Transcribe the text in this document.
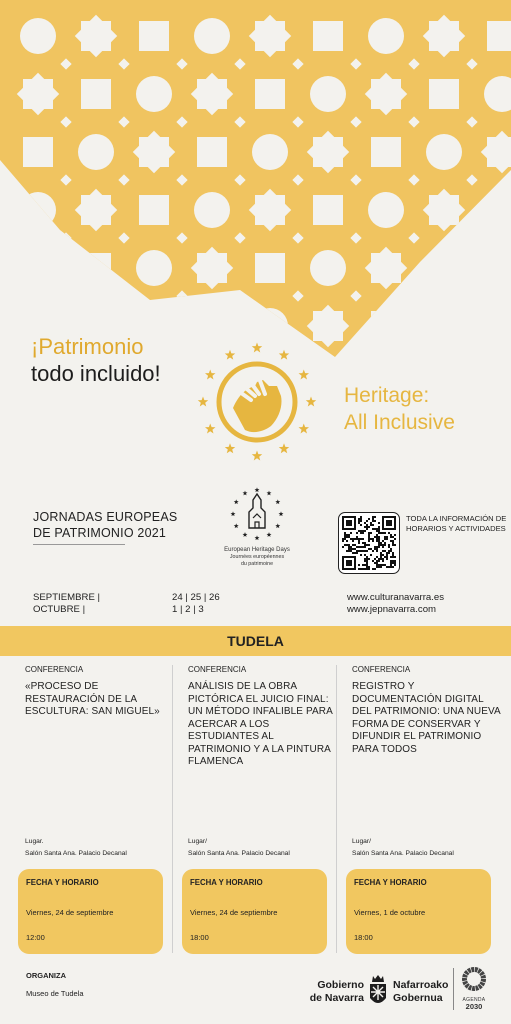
¡Patrimonio
todo incluido!
Heritage:
All Inclusive
JORNADAS EUROPEAS
DE PATRIMONIO 2021
European Heritage Days
Journées européennes
du patrimoine
TODA LA INFORMACIÓN DE HORARIOS Y ACTIVIDADES
SEPTIEMBRE |
OCTUBRE |
24 | 25 | 26
1 | 2 | 3
www.culturanavarra.es
www.jepnavarra.com
TUDELA
CONFERENCIA
«PROCESO DE RESTAURACIÓN DE LA ESCULTURA: SAN MIGUEL»
CONFERENCIA
ANÁLISIS DE LA OBRA PICTÓRICA EL JUICIO FINAL: UN MÉTODO INFALIBLE PARA ACERCAR A LOS ESTUDIANTES AL PATRIMONIO Y A LA PINTURA FLAMENCA
CONFERENCIA
REGISTRO Y DOCUMENTACIÓN DIGITAL DEL PATRIMONIO: UNA NUEVA FORMA DE CONSERVAR Y DIFUNDIR EL PATRIMONIO PARA TODOS
Lugar.
Salón Santa Ana. Palacio Decanal
Lugar/
Salón Santa Ana. Palacio Decanal
Lugar/
Salón Santa Ana. Palacio Decanal
FECHA Y HORARIO
Viernes, 24 de septiembre
12:00
FECHA Y HORARIO
Viernes, 24 de septiembre
18:00
FECHA Y HORARIO
Viernes, 1 de octubre
18:00
ORGANIZA
Museo de Tudela
Gobierno
de Navarra
Nafarroako
Gobernua	AGENDA
2030
